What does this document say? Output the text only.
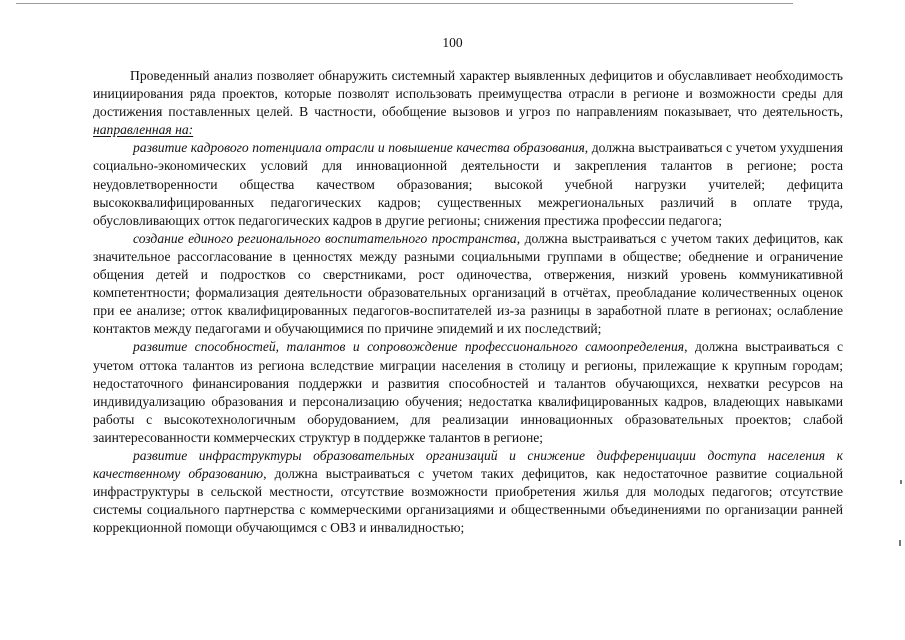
100

Проведенный анализ позволяет обнаружить системный характер выявленных дефицитов и обуславливает необходимость инициирования ряда проектов, которые позволят использовать преимущества отрасли в регионе и возможности среды для достижения поставленных целей. В частности, обобщение вызовов и угроз по направлениям показывает, что деятельность, направленная на:

развитие кадрового потенциала отрасли и повышение качества образования, должна выстраиваться с учетом ухудшения социально-экономических условий для инновационной деятельности и закрепления талантов в регионе; роста неудовлетворенности общества качеством образования; высокой учебной нагрузки учителей; дефицита высококвалифицированных педагогических кадров; существенных межрегиональных различий в оплате труда, обусловливающих отток педагогических кадров в другие регионы; снижения престижа профессии педагога;

создание единого регионального воспитательного пространства, должна выстраиваться с учетом таких дефицитов, как значительное рассогласование в ценностях между разными социальными группами в обществе; обеднение и ограничение общения детей и подростков со сверстниками, рост одиночества, отвержения, низкий уровень коммуникативной компетентности; формализация деятельности образовательных организаций в отчётах, преобладание количественных оценок при ее анализе; отток квалифицированных педагогов-воспитателей из-за разницы в заработной плате в регионах; ослабление контактов между педагогами и обучающимися по причине эпидемий и их последствий;

развитие способностей, талантов и сопровождение профессионального самоопределения, должна выстраиваться с учетом оттока талантов из региона вследствие миграции населения в столицу и регионы, прилежащие к крупным городам; недостаточного финансирования поддержки и развития способностей и талантов обучающихся, нехватки ресурсов на индивидуализацию образования и персонализацию обучения; недостатка квалифицированных кадров, владеющих навыками работы с высокотехнологичным оборудованием, для реализации инновационных образовательных проектов; слабой заинтересованности коммерческих структур в поддержке талантов в регионе;

развитие инфраструктуры образовательных организаций и снижение дифференциации доступа населения к качественному образованию, должна выстраиваться с учетом таких дефицитов, как недостаточное развитие социальной инфраструктуры в сельской местности, отсутствие возможности приобретения жилья для молодых педагогов; отсутствие системы социального партнерства с коммерческими организациями и общественными объединениями по организации ранней коррекционной помощи обучающимся с ОВЗ и инвалидностью;
